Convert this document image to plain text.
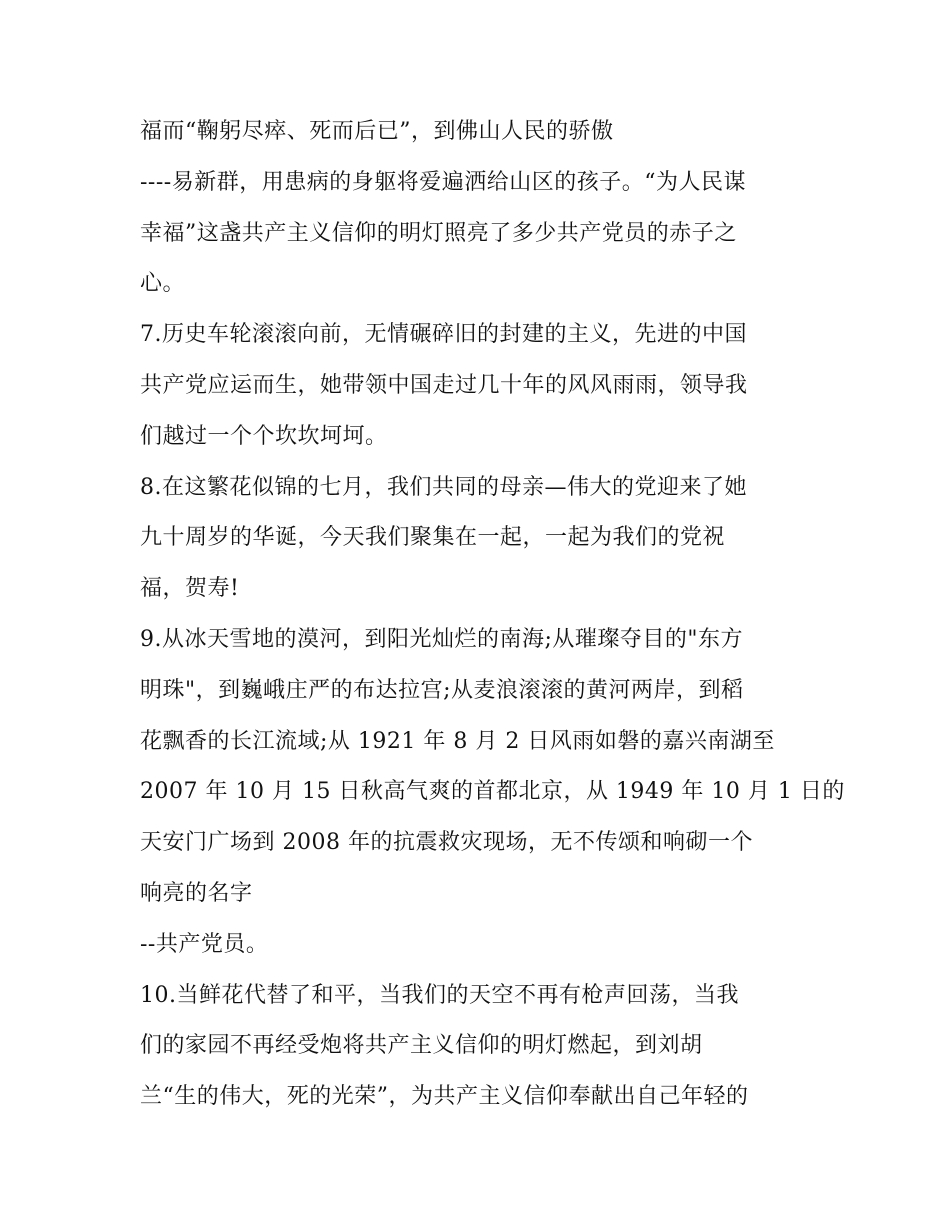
福而“鞠躬尽瘁、死而后已”，到佛山人民的骄傲
----易新群，用患病的身躯将爱遍洒给山区的孩子。“为人民谋
幸福”这盏共产主义信仰的明灯照亮了多少共产党员的赤子之
心。
7.历史车轮滚滚向前，无情碾碎旧的封建的主义，先进的中国
共产党应运而生，她带领中国走过几十年的风风雨雨，领导我
们越过一个个坎坎坷坷。
8.在这繁花似锦的七月，我们共同的母亲—伟大的党迎来了她
九十周岁的华诞，今天我们聚集在一起，一起为我们的党祝
福，贺寿!
9.从冰天雪地的漠河，到阳光灿烂的南海;从璀璨夺目的"东方
明珠"，到巍峨庄严的布达拉宫;从麦浪滚滚的黄河两岸，到稻
花飘香的长江流域;从 1921 年 8 月 2 日风雨如磐的嘉兴南湖至
2007 年 10 月 15 日秋高气爽的首都北京，从 1949 年 10 月 1 日的
天安门广场到 2008 年的抗震救灾现场，无不传颂和响砌一个
响亮的名字
--共产党员。
10.当鲜花代替了和平，当我们的天空不再有枪声回荡，当我
们的家园不再经受炮将共产主义信仰的明灯燃起，到刘胡
兰“生的伟大，死的光荣”，为共产主义信仰奉献出自己年轻的
